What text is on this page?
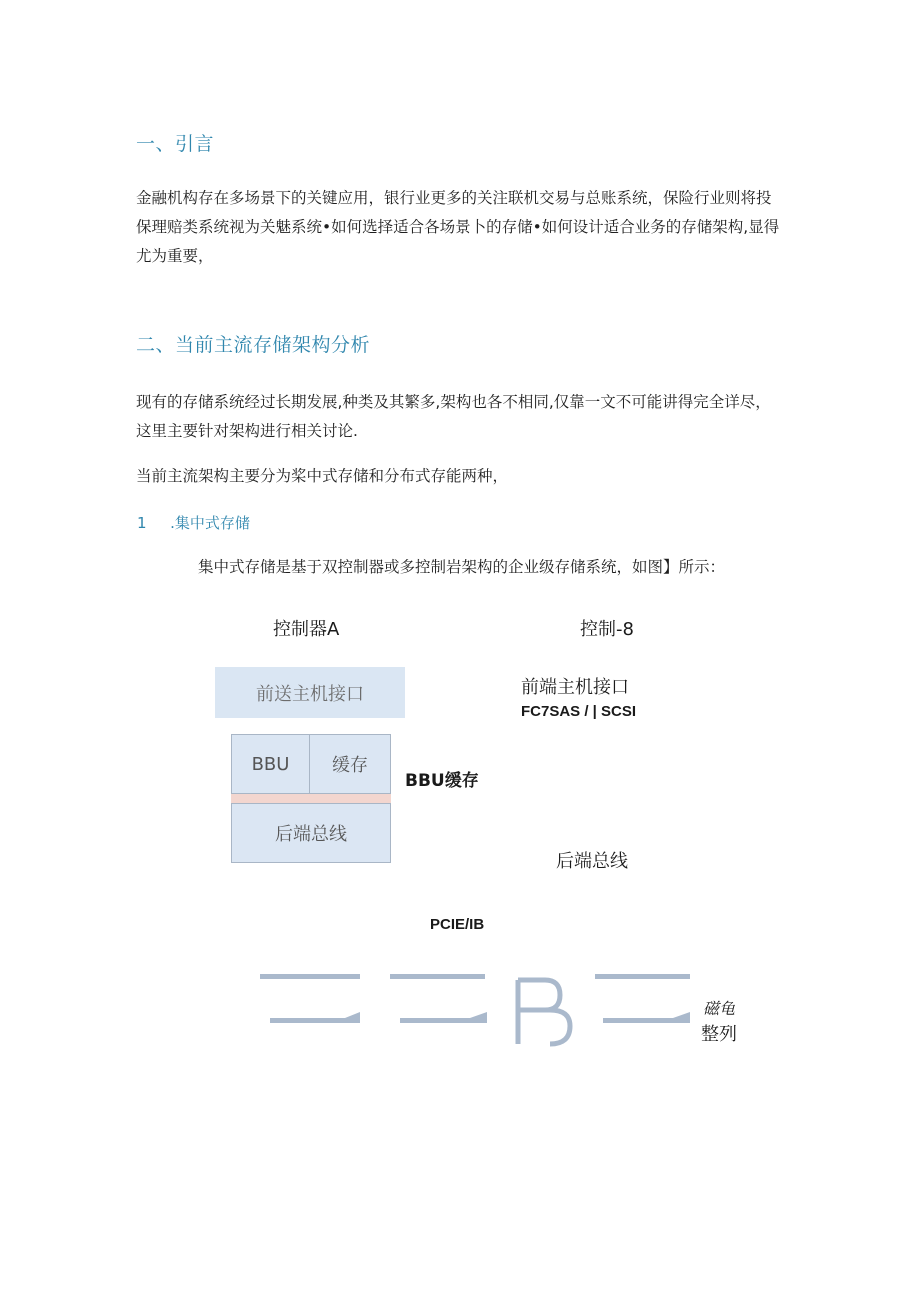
一、引言
金融机构存在多场景下的关键应用，银行业更多的关注联机交易与总账系统，保险行业则将投保理赔类系统视为关魅系统•如何选择适合各场景卜的存储•如何设计适合业务的存储架构,显得尤为重要，
二、当前主流存储架构分析
现有的存储系统经过长期发展,种类及其繁多,架构也各不相同,仅靠一文不可能讲得完全详尽，这里主要针对架构进行相关讨论.
当前主流架构主要分为桨中式存储和分布式存能两种，
1 .集中式存储
集中式存储是基于双控制器或多控制岩架构的企业级存储系统，如图】所示：
控制器A	控制-8
前送主机接口
BBU 缓存
后端总线
前端主机接口
FC7SAS / | SCSI
BBU缓存
后端总线
PCIE/IB
磁龟
整列
